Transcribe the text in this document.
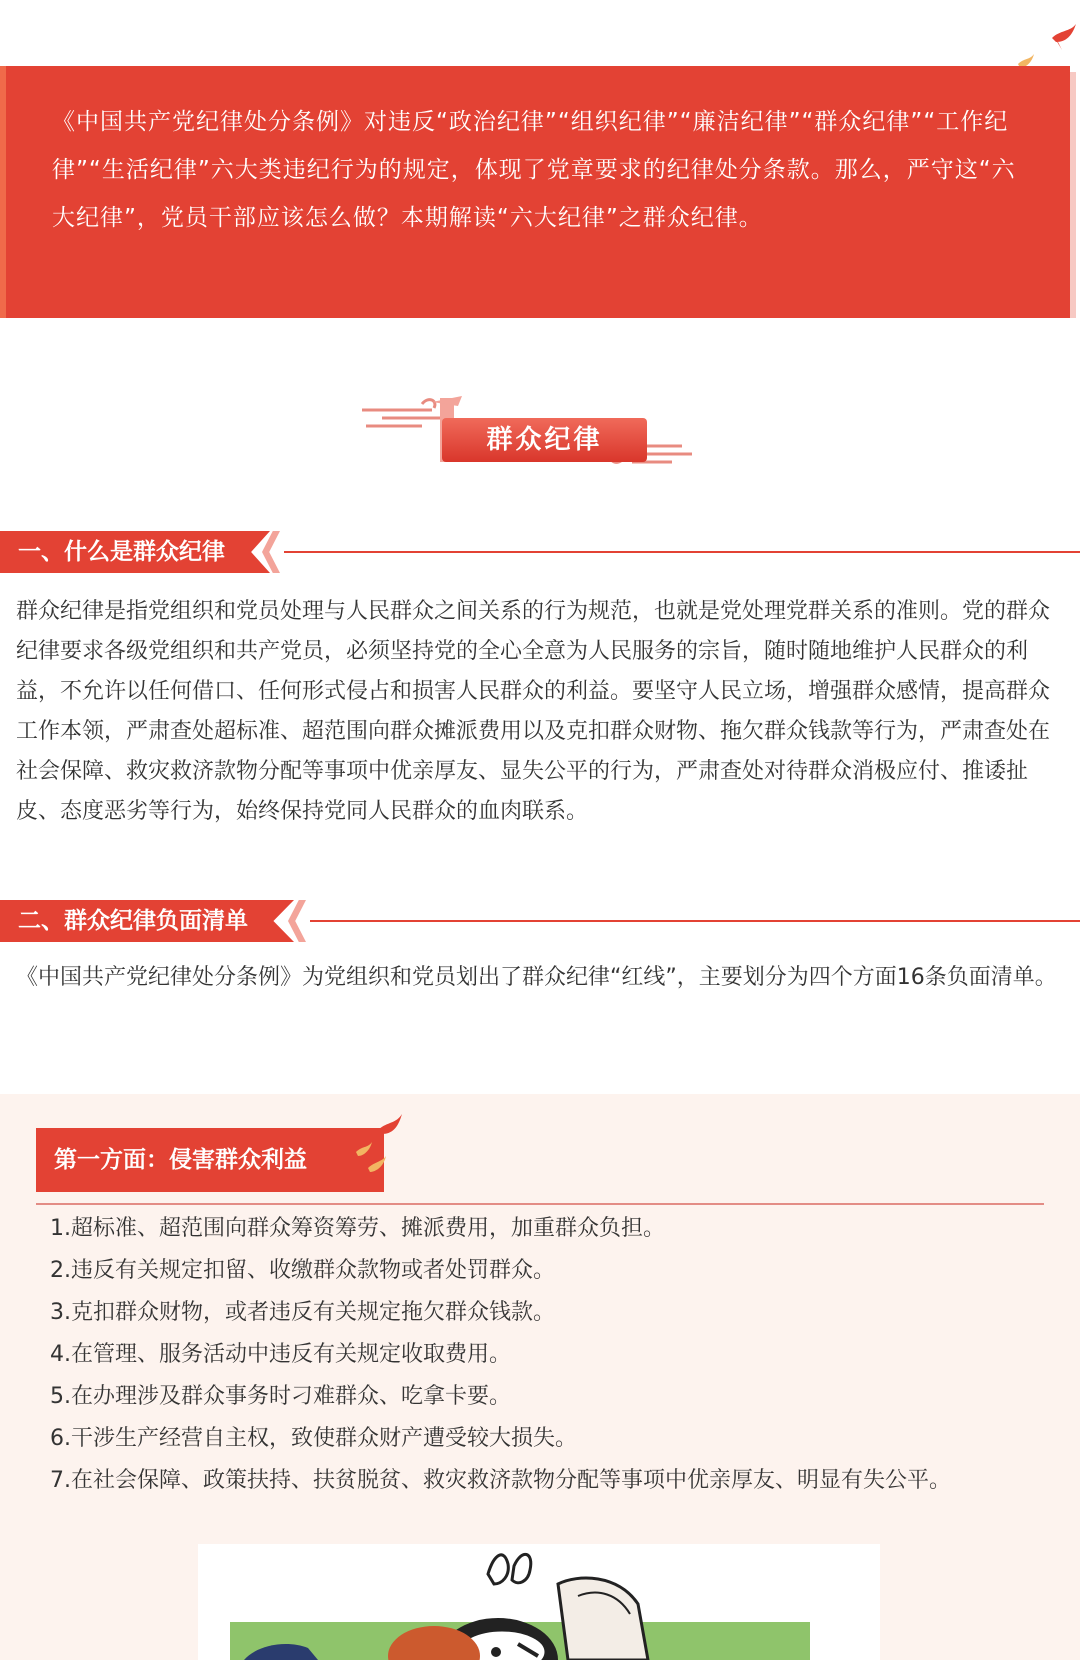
《中国共产党纪律处分条例》对违反“政治纪律”“组织纪律”“廉洁纪律”“群众纪律”“工作纪律”“生活纪律”六大类违纪行为的规定，体现了党章要求的纪律处分条款。那么，严守这“六大纪律”，党员干部应该怎么做？本期解读“六大纪律”之群众纪律。
群众纪律
一、什么是群众纪律
群众纪律是指党组织和党员处理与人民群众之间关系的行为规范，也就是党处理党群关系的准则。党的群众纪律要求各级党组织和共产党员，必须坚持党的全心全意为人民服务的宗旨，随时随地维护人民群众的利益，不允许以任何借口、任何形式侵占和损害人民群众的利益。要坚守人民立场，增强群众感情，提高群众工作本领，严肃查处超标准、超范围向群众摊派费用以及克扣群众财物、拖欠群众钱款等行为，严肃查处在社会保障、救灾救济款物分配等事项中优亲厚友、显失公平的行为，严肃查处对待群众消极应付、推诿扯皮、态度恶劣等行为，始终保持党同人民群众的血肉联系。
二、群众纪律负面清单
《中国共产党纪律处分条例》为党组织和党员划出了群众纪律“红线”，主要划分为四个方面16条负面清单。
第一方面：侵害群众利益
1.超标准、超范围向群众筹资筹劳、摊派费用，加重群众负担。
2.违反有关规定扣留、收缴群众款物或者处罚群众。
3.克扣群众财物，或者违反有关规定拖欠群众钱款。
4.在管理、服务活动中违反有关规定收取费用。
5.在办理涉及群众事务时刁难群众、吃拿卡要。
6.干涉生产经营自主权，致使群众财产遭受较大损失。
7.在社会保障、政策扶持、扶贫脱贫、救灾救济款物分配等事项中优亲厚友、明显有失公平。
